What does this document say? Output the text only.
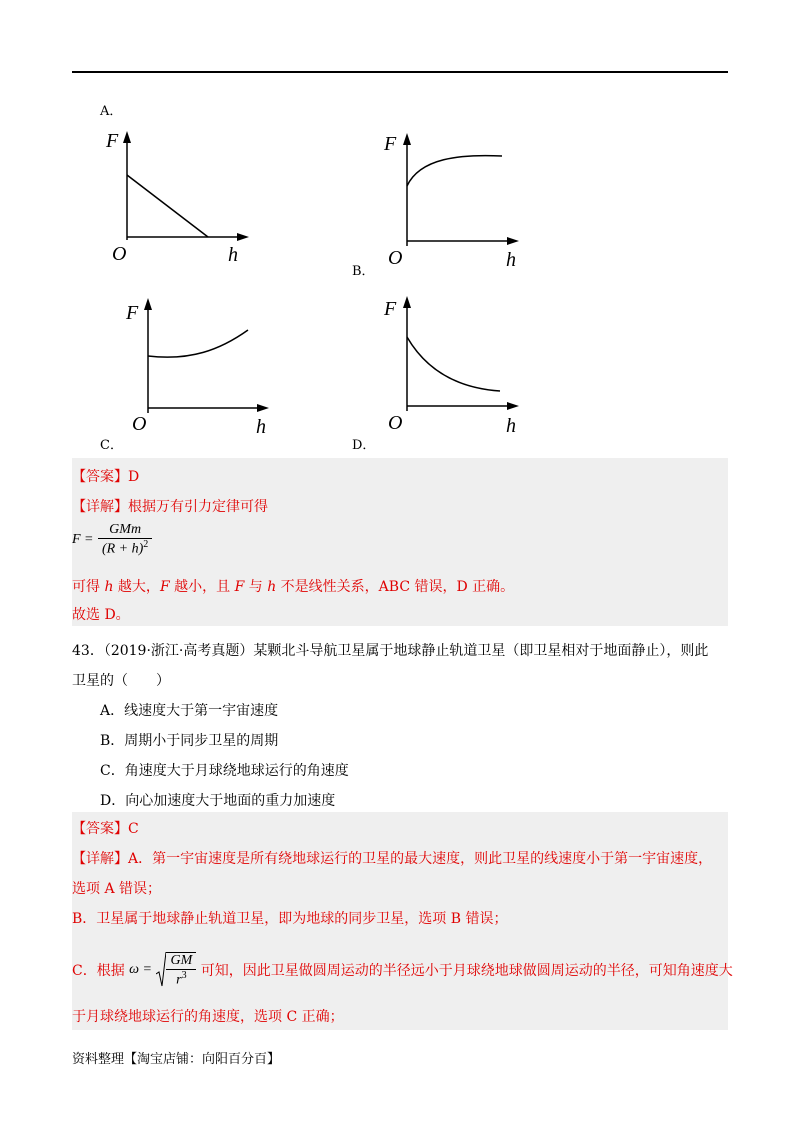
A．
F
O	h
B．
F
O	h
C．
F
O	h
D．
F
O	h
【答案】D
【详解】根据万有引力定律可得
$F = \frac{\text{GMm}}{(R + h)^2}$
可得 h 越大，F 越小，且 F 与 h 不是线性关系，ABC 错误，D 正确。
故选 D。
43．（2019·浙江·高考真题）某颗北斗导航卫星属于地球静止轨道卫星（即卫星相对于地面静止），则此
卫星的（　　）
A．线速度大于第一宇宙速度
B．周期小于同步卫星的周期
C．角速度大于月球绕地球运行的角速度
D．向心加速度大于地面的重力加速度
【答案】C
【详解】A．第一宇宙速度是所有绕地球运行的卫星的最大速度，则此卫星的线速度小于第一宇宙速度，
选项 A 错误；
B．卫星属于地球静止轨道卫星，即为地球的同步卫星，选项 B 错误；
C．根据 $\omega = \frac{GM}{r^3}$ 可知，因此卫星做圆周运动的半径远小于月球绕地球做圆周运动的半径，可知角速度大
于月球绕地球运行的角速度，选项 C 正确；
资料整理【淘宝店铺：向阳百分百】
